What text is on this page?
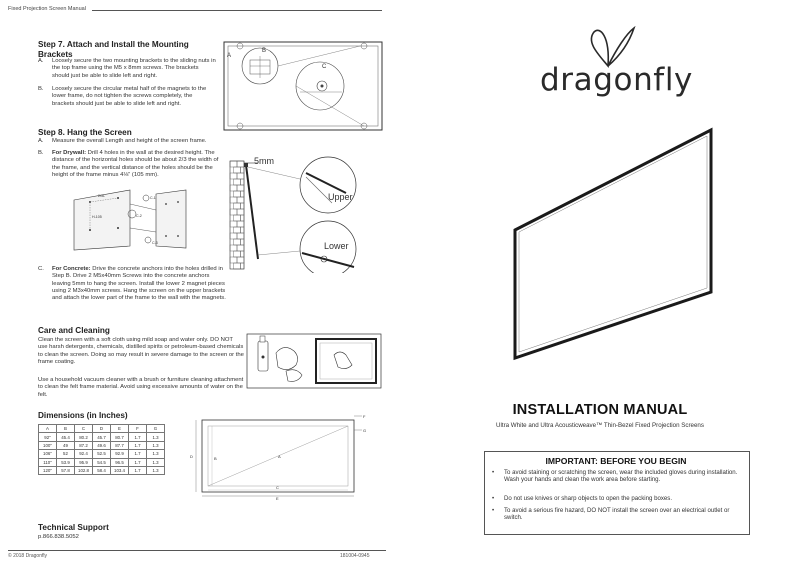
Fixed Projection Screen Manual
Step 7. Attach and Install the Mounting
Brackets
A. Loosely secure the two mounting brackets to the sliding nuts in the top frame using the M5 x 8mm screws. The brackets should just be able to slide left and right.
B. Loosely secure the circular metal half of the magnets to the lower frame, do not tighten the screws completely, the brackets should just be able to slide left and right.
A
B
C
Step 8. Hang the Screen
A. Measure the overall Length and height of the screen frame.
B. For Drywall: Drill 4 holes in the wall at the desired height. The distance of the horizontal holes should be about 2/3 the width of the frame, and the vertical distance of the holes should be the height of the frame minus 4⅛” (105 mm).
2/3L
H-105
C-1
C-2
C-3
5mm
Upper
Lower
C. For Concrete: Drive the concrete anchors into the holes drilled in Step B. Drive 2 M5x40mm Screws into the concrete anchors leaving 5mm to hang the screen. Install the lower 2 magnet pieces using 2 M3x40mm screws. Hang the screen on the upper brackets and attach the lower part of the frame to the wall with the magnets.
Care and Cleaning
Clean the screen with a soft cloth using mild soap and water only. DO NOT use harsh detergents, chemicals, distilled spirits or petroleum-based chemicals to clean the screen. Doing so may result in severe damage to the screen or the frame coating.
Use a household vacuum cleaner with a brush or furniture cleaning attachment to clean the felt frame material. Avoid using excessive amounts of water on the felt.
Dimensions (in Inches)
A	B	C	D	E	F	G
92"	45.4	80.2	45.7	80.7	1.7	1.3
100"	49	87.2	49.6	87.7	1.7	1.3
106"	52	92.4	52.5	92.9	1.7	1.3
110"	53.9	95.9	54.5	96.5	1.7	1.3
120"	57.8	102.8	58.4	103.4	1.7	1.3
D	B
E
C
A
F
G
Technical Support
p.866.838.5052
© 2018 Dragonfly	181004-0945
dragonfly
INSTALLATION MANUAL
Ultra White and Ultra Acousticweave™ Thin-Bezel Fixed Projection Screens
IMPORTANT: BEFORE YOU BEGIN
• To avoid staining or scratching the screen, wear the included gloves during installation. Wash your hands and clean the work area before starting.
• Do not use knives or sharp objects to open the packing boxes.
• To avoid a serious fire hazard, DO NOT install the screen over an electrical outlet or switch.
